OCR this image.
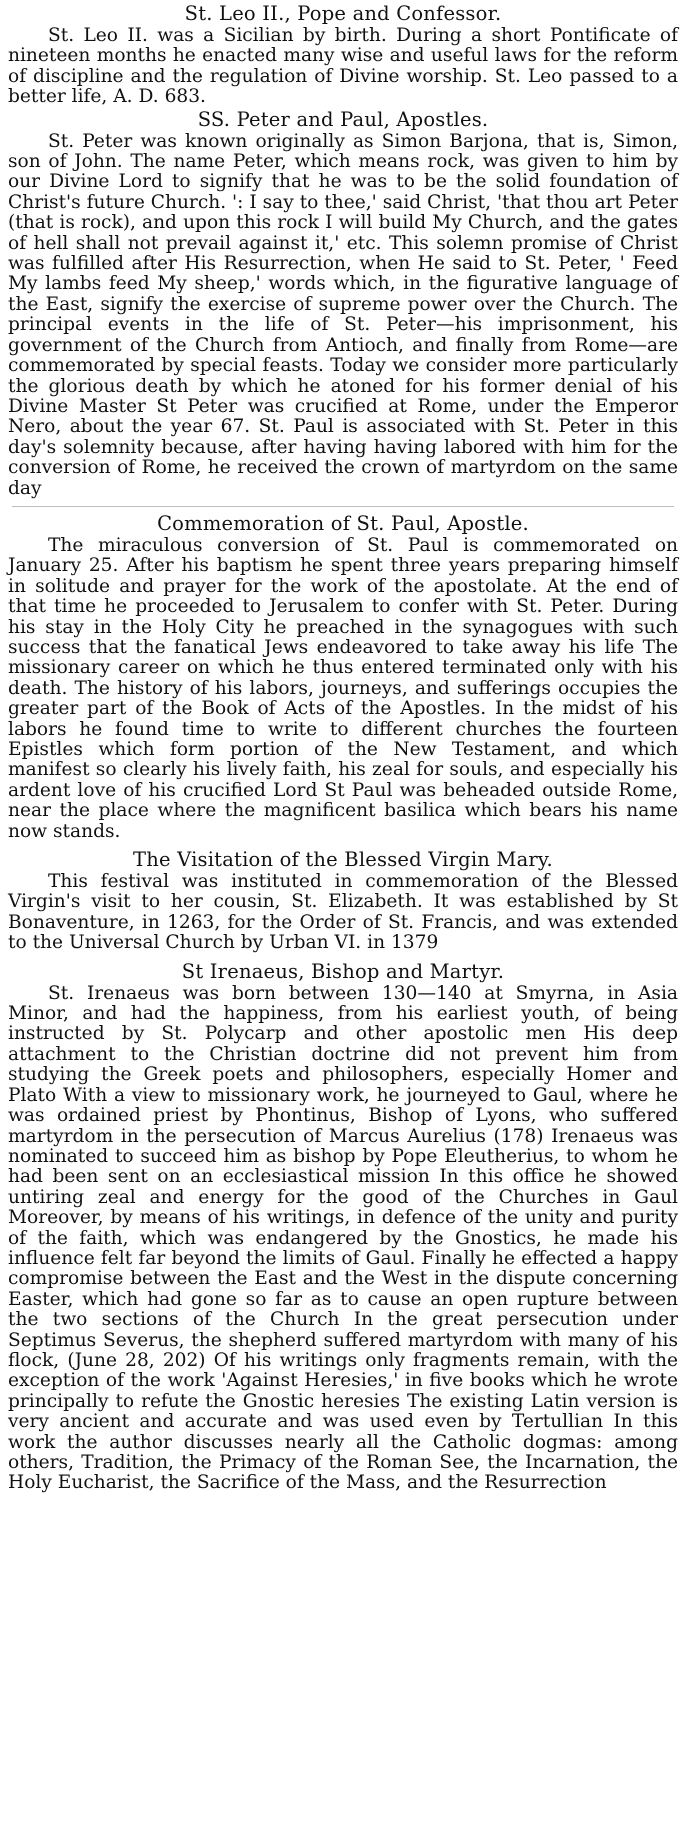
St. Leo II., Pope and Confessor.

St. Leo II. was a Sicilian by birth. During a short Pontificate of nineteen months he enacted many wise and useful laws for the reform of discipline and the regulation of Divine worship. St. Leo passed to a better life, A. D. 683.

SS. Peter and Paul, Apostles.

St. Peter was known originally as Simon Barjona, that is, Simon, son of John. The name Peter, which means rock, was given to him by our Divine Lord to signify that he was to be the solid foundation of Christ's future Church. ': I say to thee,' said Christ, 'that thou art Peter (that is rock), and upon this rock I will build My Church, and the gates of hell shall not prevail against it,' etc. This solemn promise of Christ was fulfilled after His Resurrection, when He said to St. Peter, ' Feed My lambs feed My sheep,' words which, in the figurative language of the East, signify the exercise of supreme power over the Church. The principal events in the life of St. Peter—his imprisonment, his government of the Church from Antioch, and finally from Rome—are commemorated by special feasts. Today we consider more particularly the glorious death by which he atoned for his former denial of his Divine Master St Peter was crucified at Rome, under the Emperor Nero, about the year 67. St. Paul is associated with St. Peter in this day's solemnity because, after having having labored with him for the conversion of Rome, he received the crown of martyrdom on the same day

Commemoration of St. Paul, Apostle.

The miraculous conversion of St. Paul is commemorated on January 25. After his baptism he spent three years preparing himself in solitude and prayer for the work of the apostolate. At the end of that time he proceeded to Jerusalem to confer with St. Peter. During his stay in the Holy City he preached in the synagogues with such success that the fanatical Jews endeavored to take away his life The missionary career on which he thus entered terminated only with his death. The history of his labors, journeys, and sufferings occupies the greater part of the Book of Acts of the Apostles. In the midst of his labors he found time to write to different churches the fourteen Epistles which form portion of the New Testament, and which manifest so clearly his lively faith, his zeal for souls, and especially his ardent love of his crucified Lord St Paul was beheaded outside Rome, near the place where the magnificent basilica which bears his name now stands.

The Visitation of the Blessed Virgin Mary.

This festival was instituted in commemoration of the Blessed Virgin's visit to her cousin, St. Elizabeth. It was established by St Bonaventure, in 1263, for the Order of St. Francis, and was extended to the Universal Church by Urban VI. in 1379

St Irenaeus, Bishop and Martyr.

St. Irenaeus was born between 130—140 at Smyrna, in Asia Minor, and had the happiness, from his earliest youth, of being instructed by St. Polycarp and other apostolic men His deep attachment to the Christian doctrine did not prevent him from studying the Greek poets and philosophers, especially Homer and Plato With a view to missionary work, he journeyed to Gaul, where he was ordained priest by Phontinus, Bishop of Lyons, who suffered martyrdom in the persecution of Marcus Aurelius (178) Irenaeus was nominated to succeed him as bishop by Pope Eleutherius, to whom he had been sent on an ecclesiastical mission In this office he showed untiring zeal and energy for the good of the Churches in Gaul Moreover, by means of his writings, in defence of the unity and purity of the faith, which was endangered by the Gnostics, he made his influence felt far beyond the limits of Gaul. Finally he effected a happy compromise between the East and the West in the dispute concerning Easter, which had gone so far as to cause an open rupture between the two sections of the Church In the great persecution under Septimus Severus, the shepherd suffered martyrdom with many of his flock, (June 28, 202) Of his writings only fragments remain, with the exception of the work 'Against Heresies,' in five books which he wrote principally to refute the Gnostic heresies The existing Latin version is very ancient and accurate and was used even by Tertullian In this work the author discusses nearly all the Catholic dogmas: among others, Tradition, the Primacy of the Roman See, the Incarnation, the Holy Eucharist, the Sacrifice of the Mass, and the Resurrection
